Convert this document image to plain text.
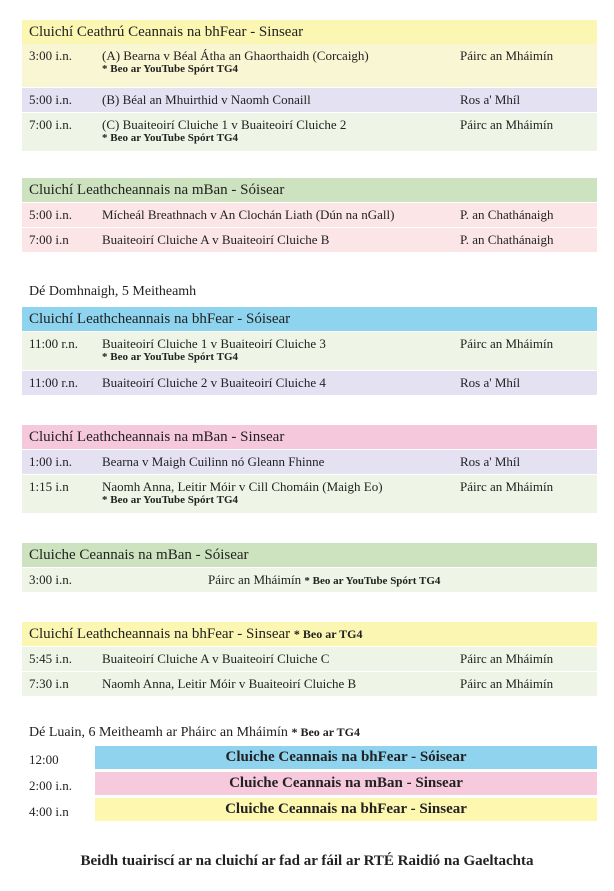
Cluichí Ceathrú Ceannais na bhFear - Sinsear
3:00 i.n. (A) Bearna v Béal Átha an Ghaorthaidh (Corcaigh)	Páirc an Mháimín
* Beo ar YouTube Spórt TG4
5:00 i.n. (B) Béal an Mhuirthid v Naomh Conaill	Ros a' Mhíl
7:00 i.n. (C) Buaiteoirí Cluiche 1 v Buaiteoirí Cluiche 2	Páirc an Mháimín
* Beo ar YouTube Spórt TG4
Cluichí Leathcheannais na mBan - Sóisear
5:00 i.n. Mícheál Breathnach v An Clochán Liath (Dún na nGall)	P. an Chathánaigh
7:00 i.n	Buaiteoirí Cluiche A v Buaiteoirí Cluiche B	P. an Chathánaigh
Dé Domhnaigh, 5 Meitheamh
Cluichí Leathcheannais na bhFear - Sóisear
11:00 r.n. Buaiteoirí Cluiche 1 v Buaiteoirí Cluiche 3	Páirc an Mháimín
* Beo ar YouTube Spórt TG4
11:00 r.n. Buaiteoirí Cluiche 2 v Buaiteoirí Cluiche 4	Ros a' Mhíl
Cluichí Leathcheannais na mBan - Sinsear
1:00 i.n. Bearna v Maigh Cuilinn nó Gleann Fhinne	Ros a' Mhíl
1:15 i.n	Naomh Anna, Leitir Móir v Cill Chomáin (Maigh Eo)	Páirc an Mháimín
* Beo ar YouTube Spórt TG4
Cluiche Ceannais na mBan - Sóisear
3:00 i.n.	Páirc an Mháimín * Beo ar YouTube Spórt TG4
Cluichí Leathcheannais na bhFear - Sinsear * Beo ar TG4
5:45 i.n. Buaiteoirí Cluiche A v Buaiteoirí Cluiche C	Páirc an Mháimín
7:30 i.n	Naomh Anna, Leitir Móir v Buaiteoirí Cluiche B	Páirc an Mháimín
Dé Luain, 6 Meitheamh ar Pháirc an Mháimín * Beo ar TG4
12:00	Cluiche Ceannais na bhFear - Sóisear
2:00 i.n.	Cluiche Ceannais na mBan - Sinsear
4:00 i.n	Cluiche Ceannais na bhFear - Sinsear
Beidh tuairiscí ar na cluichí ar fad ar fáil ar RTÉ Raidió na Gaeltachta
